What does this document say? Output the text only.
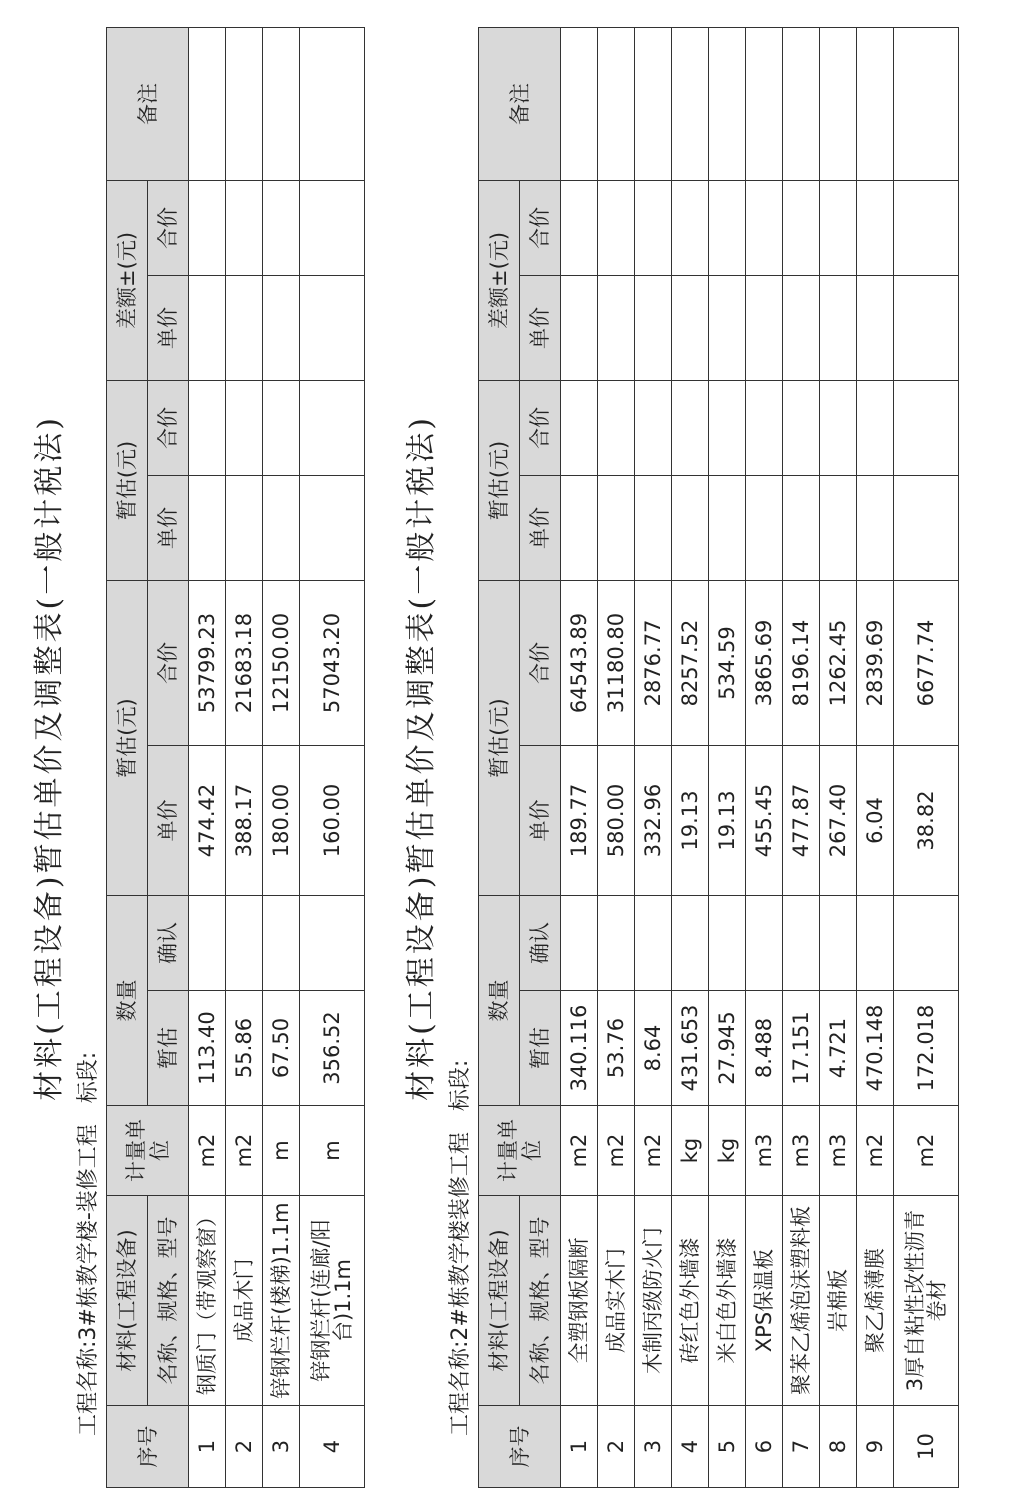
材料(工程设备)暂估单价及调整表(一般计税法)
工程名称:3#栋教学楼-装修工程 标段:
序号	材料(工程设备)	计量单位	数量		暂估(元)		暂估(元)		差额±(元)		备注
	名称、规格、型号		暂估	确认	单价	合价	单价	合价	单价	合价	
1	钢质门（带观察窗）	m2	113.40		474.42	53799.23					
2	成品木门	m2	55.86		388.17	21683.18					
3	锌钢栏杆(楼梯)1.1m	m	67.50		180.00	12150.00					
4	锌钢栏杆(连廊/阳台)1.1m	m	356.52		160.00	57043.20					材料(工程设备)暂估单价及调整表(一般计税法)
工程名称:2#栋教学楼装修工程 标段:
序号	材料(工程设备)	计量单位	数量		暂估(元)		暂估(元)		差额±(元)		备注
	名称、规格、型号		暂估	确认	单价	合价	单价	合价	单价	合价	
1	全塑钢板隔断	m2	340.116		189.77	64543.89					
2	成品实木门	m2	53.76		580.00	31180.80					
3	木制丙级防火门	m2	8.64		332.96	2876.77					
4	砖红色外墙漆	kg	431.653		19.13	8257.52					
5	米白色外墙漆	kg	27.945		19.13	534.59					
6	XPS保温板	m3	8.488		455.45	3865.69					
7	聚苯乙烯泡沫塑料板	m3	17.151		477.87	8196.14					
8	岩棉板	m3	4.721		267.40	1262.45					
9	聚乙烯薄膜	m2	470.148		6.04	2839.69					
10	3厚自粘性改性沥青卷材	m2	172.018		38.82	6677.74					
